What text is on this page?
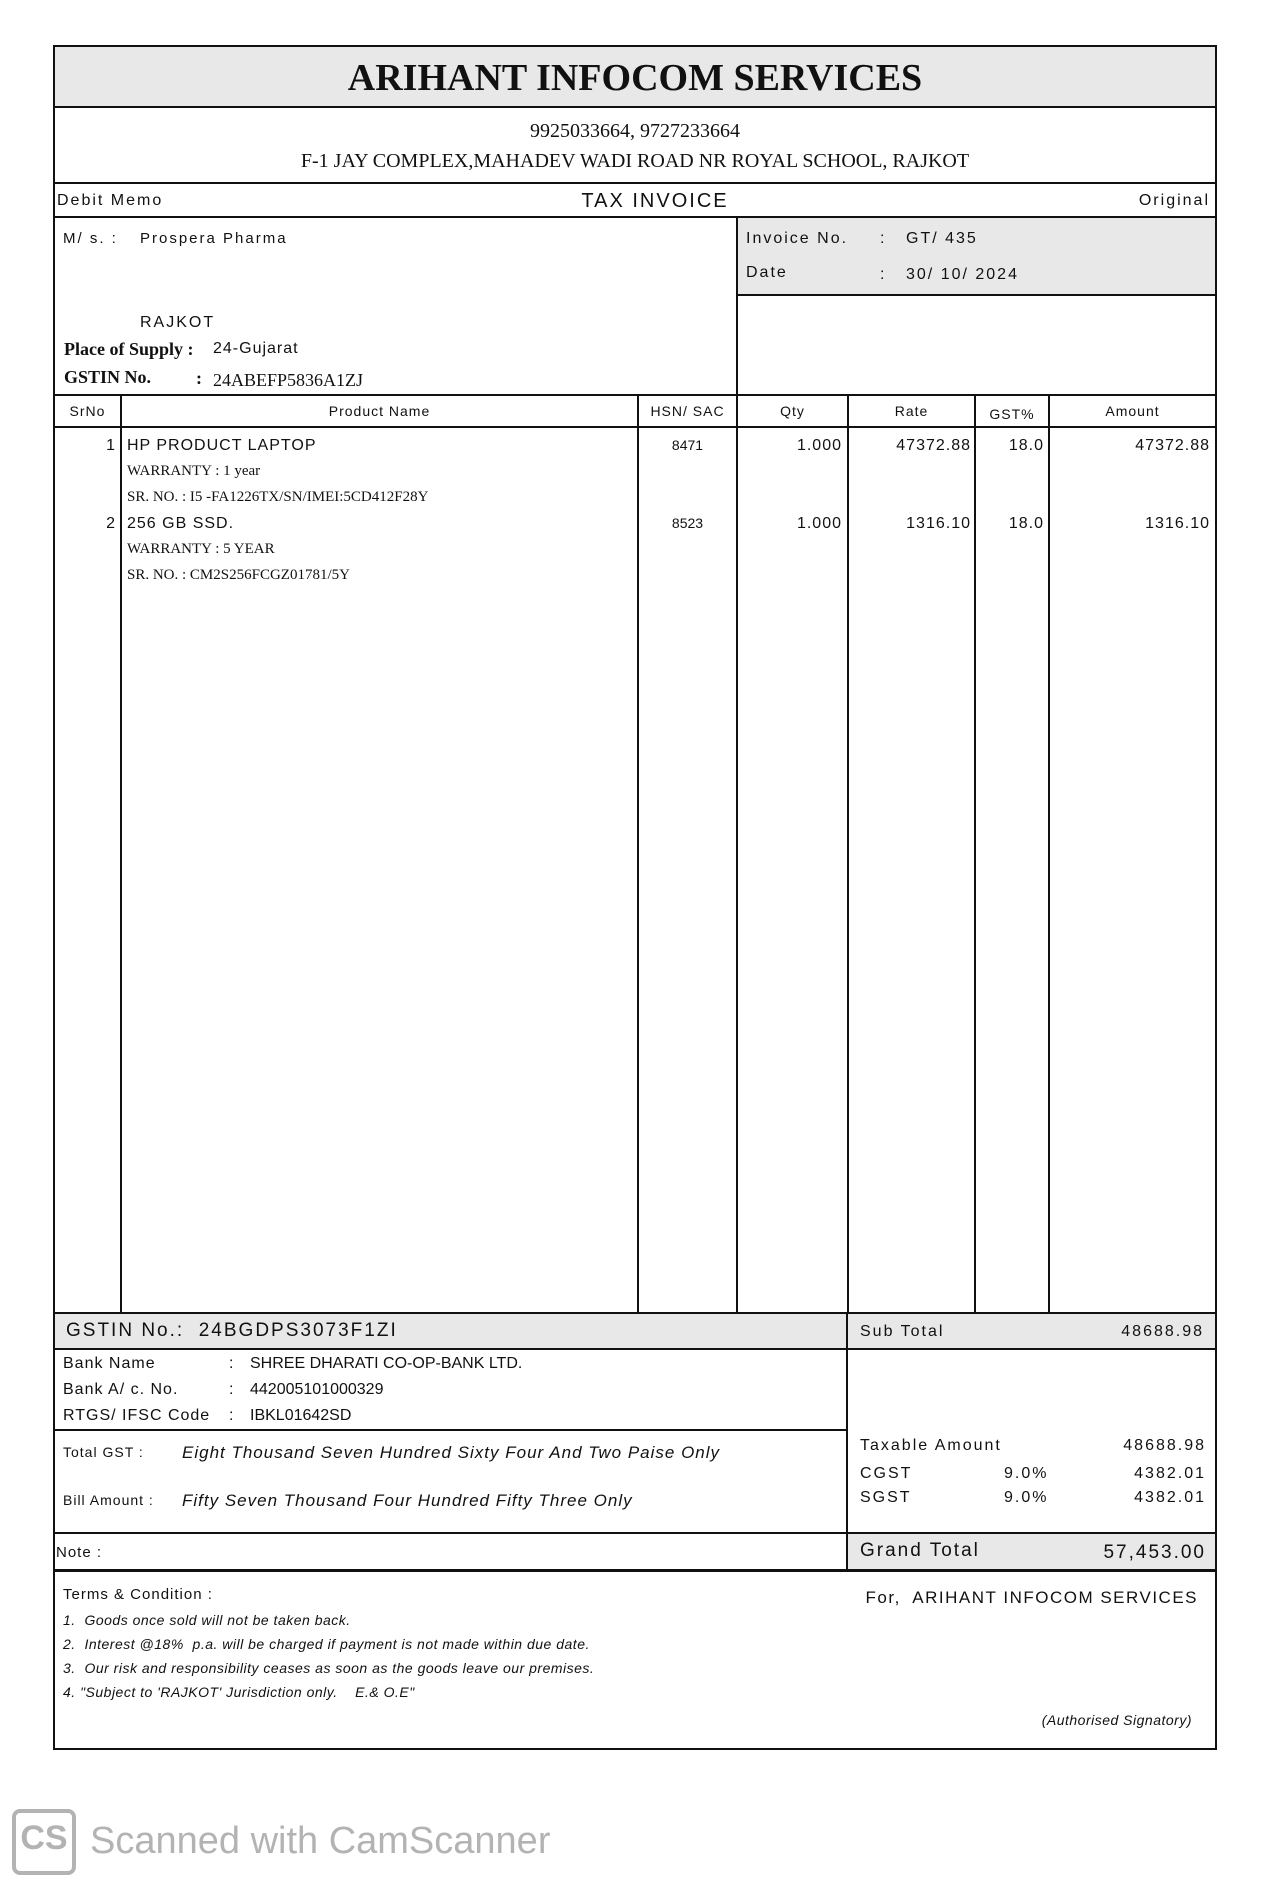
ARIHANT INFOCOM SERVICES
9925033664, 9727233664
F-1 JAY COMPLEX,MAHADEV WADI ROAD NR ROYAL SCHOOL, RAJKOT
Debit Memo	TAX INVOICE	Original
M/ s. : Prospera Pharma
RAJKOT
Place of Supply : 24-Gujarat
GSTIN No. : 24ABEFP5836A1ZJ
Invoice No. : GT/ 435
Date	: 30/ 10/ 2024
SrNo	Product Name	HSN/ SAC	Qty	Rate	GST%	Amount
1 HP PRODUCT LAPTOP
WARRANTY : 1 year
SR. NO. : I5 -FA1226TX/SN/IMEI:5CD412F28Y
8471	1.000	47372.88	18.0	47372.88
2 256 GB SSD.
WARRANTY : 5 YEAR
SR. NO. : CM2S256FCGZ01781/5Y
8523	1.000	1316.10	18.0	1316.10
GSTIN No.:  24BGDPS3073F1ZI	Sub Total	48688.98
Bank Name	: SHREE DHARATI CO-OP-BANK LTD.
Bank A/ c. No.	: 442005101000329
RTGS/ IFSC Code : IBKL01642SD
Total GST : Eight Thousand Seven Hundred Sixty Four And Two Paise Only
Bill Amount : Fifty Seven Thousand Four Hundred Fifty Three Only
Taxable Amount	48688.98
CGST	9.0%	4382.01
SGST	9.0%	4382.01
Note :	Grand Total	57,453.00
Terms & Condition :
1.  Goods once sold will not be taken back.
2.  Interest @18%  p.a. will be charged if payment is not made within due date.
3.  Our risk and responsibility ceases as soon as the goods leave our premises.
4. "Subject to 'RAJKOT' Jurisdiction only.    E.& O.E"
For,  ARIHANT INFOCOM SERVICES
(Authorised Signatory)
CS Scanned with CamScanner
